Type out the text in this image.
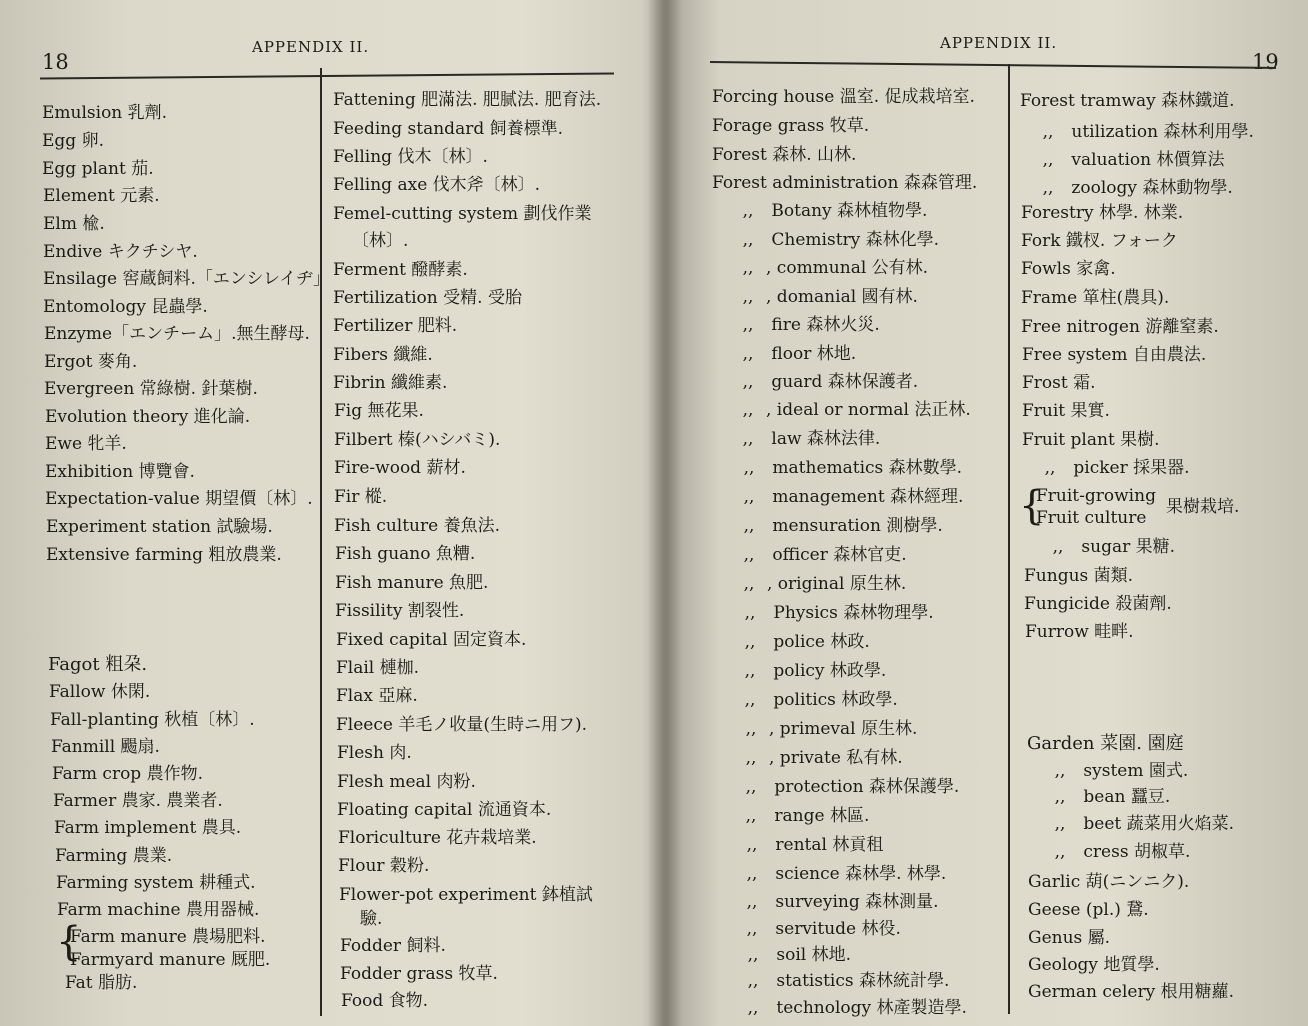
18
APPENDIX II.
Emulsion 乳劑.
Egg 卵.
Egg plant 茄.
Element 元素.
Elm 楡.
Endive キクチシヤ.
Ensilage 窖蔵飼料.「エンシレイヂ」
Entomology 昆蟲學.
Enzyme「エンチーム」.無生酵母.
Ergot 麥角.
Evergreen 常綠樹. 針葉樹.
Evolution theory 進化論.
Ewe 牝羊.
Exhibition 博覽會.
Expectation-value 期望價〔林〕.
Experiment station 試驗場.
Extensive farming 粗放農業.
Fagot 粗朶.
Fallow 休閑.
Fall-planting 秋植〔林〕.
Fanmill 颺扇.
Farm crop 農作物.
Farmer 農家. 農業者.
Farm implement 農具.
Farming 農業.
Farming system 耕種式.
Farm machine 農用器械.
{
Farm manure 農場肥料.
Farmyard manure 厩肥.
Fat 脂肪.
Fattening 肥滿法. 肥腻法. 肥育法.
Feeding standard 飼養標準.
Felling 伐木〔林〕.
Felling axe 伐木斧〔林〕.
Femel-cutting system 劃伐作業
〔林〕.
Ferment 醱酵素.
Fertilization 受精. 受胎
Fertilizer 肥料.
Fibers 纖維.
Fibrin 纖維素.
Fig 無花果.
Filbert 榛(ハシバミ).
Fire-wood 薪材.
Fir 樅.
Fish culture 養魚法.
Fish guano 魚糟.
Fish manure 魚肥.
Fissility 割裂性.
Fixed capital 固定資本.
Flail 槤枷.
Flax 亞麻.
Fleece 羊毛ノ收量(生時ニ用フ).
Flesh 肉.
Flesh meal 肉粉.
Floating capital 流通資本.
Floriculture 花卉栽培業.
Flour 穀粉.
Flower-pot experiment 鉢植試
驗.
Fodder 飼料.
Fodder grass 牧草.
Food 食物.
19
APPENDIX II.
Forcing house 溫室. 促成栽培室.
Forage grass 牧草.
Forest 森林. 山林.
Forest administration 森森管理.
,, Botany 森林植物學.
,, Chemistry 森林化學.
,, , communal 公有林.
,, , domanial 國有林.
,, fire 森林火災.
,, floor 林地.
,, guard 森林保護者.
,, , ideal or normal 法正林.
,, law 森林法律.
,, mathematics 森林數學.
,, management 森林經理.
,, mensuration 測樹學.
,, officer 森林官吏.
,, , original 原生林.
,, Physics 森林物理學.
,, police 林政.
,, policy 林政學.
,, politics 林政學.
,, , primeval 原生林.
,, , private 私有林.
,, protection 森林保護學.
,, range 林區.
,, rental 林貢租
,, science 森林學. 林學.
,, surveying 森林測量.
,, servitude 林役.
,, soil 林地.
,, statistics 森林統計學.
,, technology 林產製造學.
Forest tramway 森林鐵道.
,, utilization 森林利用學.
,, valuation 林價算法
,, zoology 森林動物學.
Forestry 林學. 林業.
Fork 鐵杈. フォーク
Fowls 家禽.
Frame 箪柱(農具).
Free nitrogen 游離窒素.
Free system 自由農法.
Frost 霜.
Fruit 果實.
Fruit plant 果樹.
,, picker 採果器.
{
Fruit-growing
Fruit culture
果樹栽培.
,, sugar 果糖.
Fungus 菌類.
Fungicide 殺菌劑.
Furrow 畦畔.
Garden 菜園. 園庭
,, system 園式.
,, bean 蠶豆.
,, beet 蔬菜用火焰菜.
,, cress 胡椒草.
Garlic 葫(ニンニク).
Geese (pl.) 鵞.
Genus 屬.
Geology 地質學.
German celery 根用糖蘿.
